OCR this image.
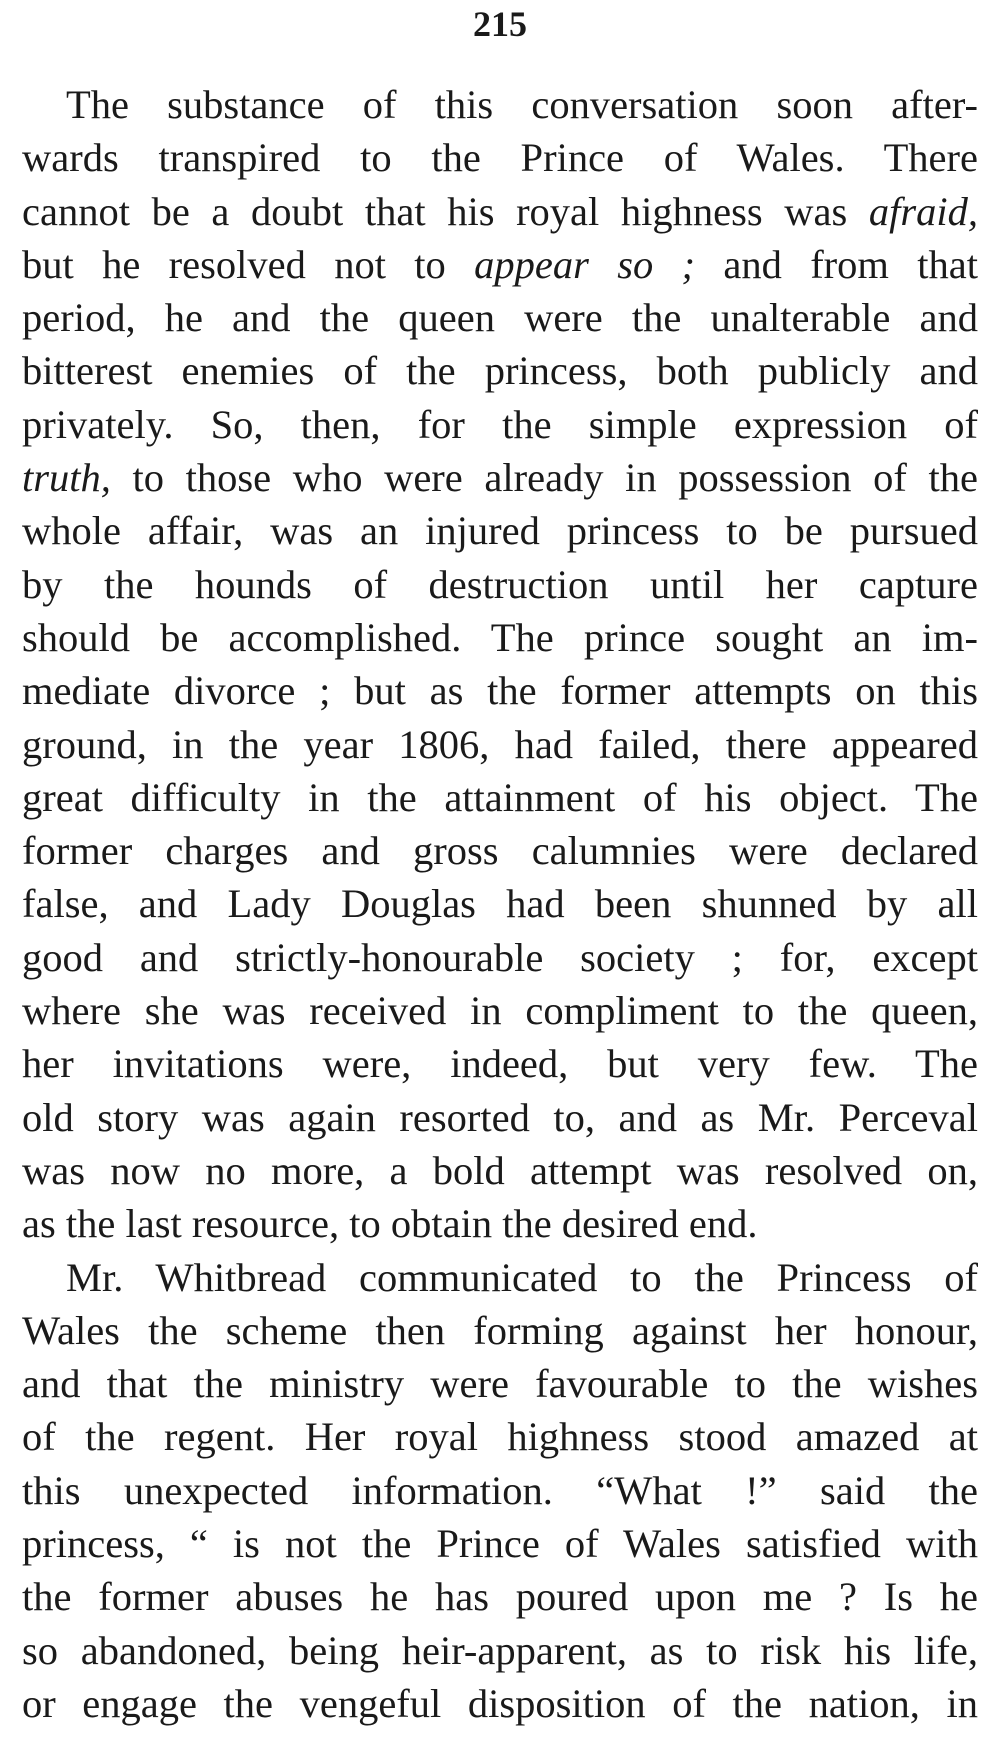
215
The substance of this conversation soon after-
wards transpired to the Prince of Wales. There
cannot be a doubt that his royal highness was afraid,
but he resolved not to appear so ; and from that
period, he and the queen were the unalterable and
bitterest enemies of the princess, both publicly and
privately. So, then, for the simple expression of
truth, to those who were already in possession of the
whole affair, was an injured princess to be pursued
by the hounds of destruction until her capture
should be accomplished. The prince sought an im-
mediate divorce ; but as the former attempts on this
ground, in the year 1806, had failed, there appeared
great difficulty in the attainment of his object. The
former charges and gross calumnies were declared
false, and Lady Douglas had been shunned by all
good and strictly-honourable society ; for, except
where she was received in compliment to the queen,
her invitations were, indeed, but very few. The
old story was again resorted to, and as Mr. Perceval
was now no more, a bold attempt was resolved on,
as the last resource, to obtain the desired end.
Mr. Whitbread communicated to the Princess of
Wales the scheme then forming against her honour,
and that the ministry were favourable to the wishes
of the regent. Her royal highness stood amazed at
this unexpected information. “What !” said the
princess, “ is not the Prince of Wales satisfied with
the former abuses he has poured upon me ? Is he
so abandoned, being heir-apparent, as to risk his life,
or engage the vengeful disposition of the nation, in
